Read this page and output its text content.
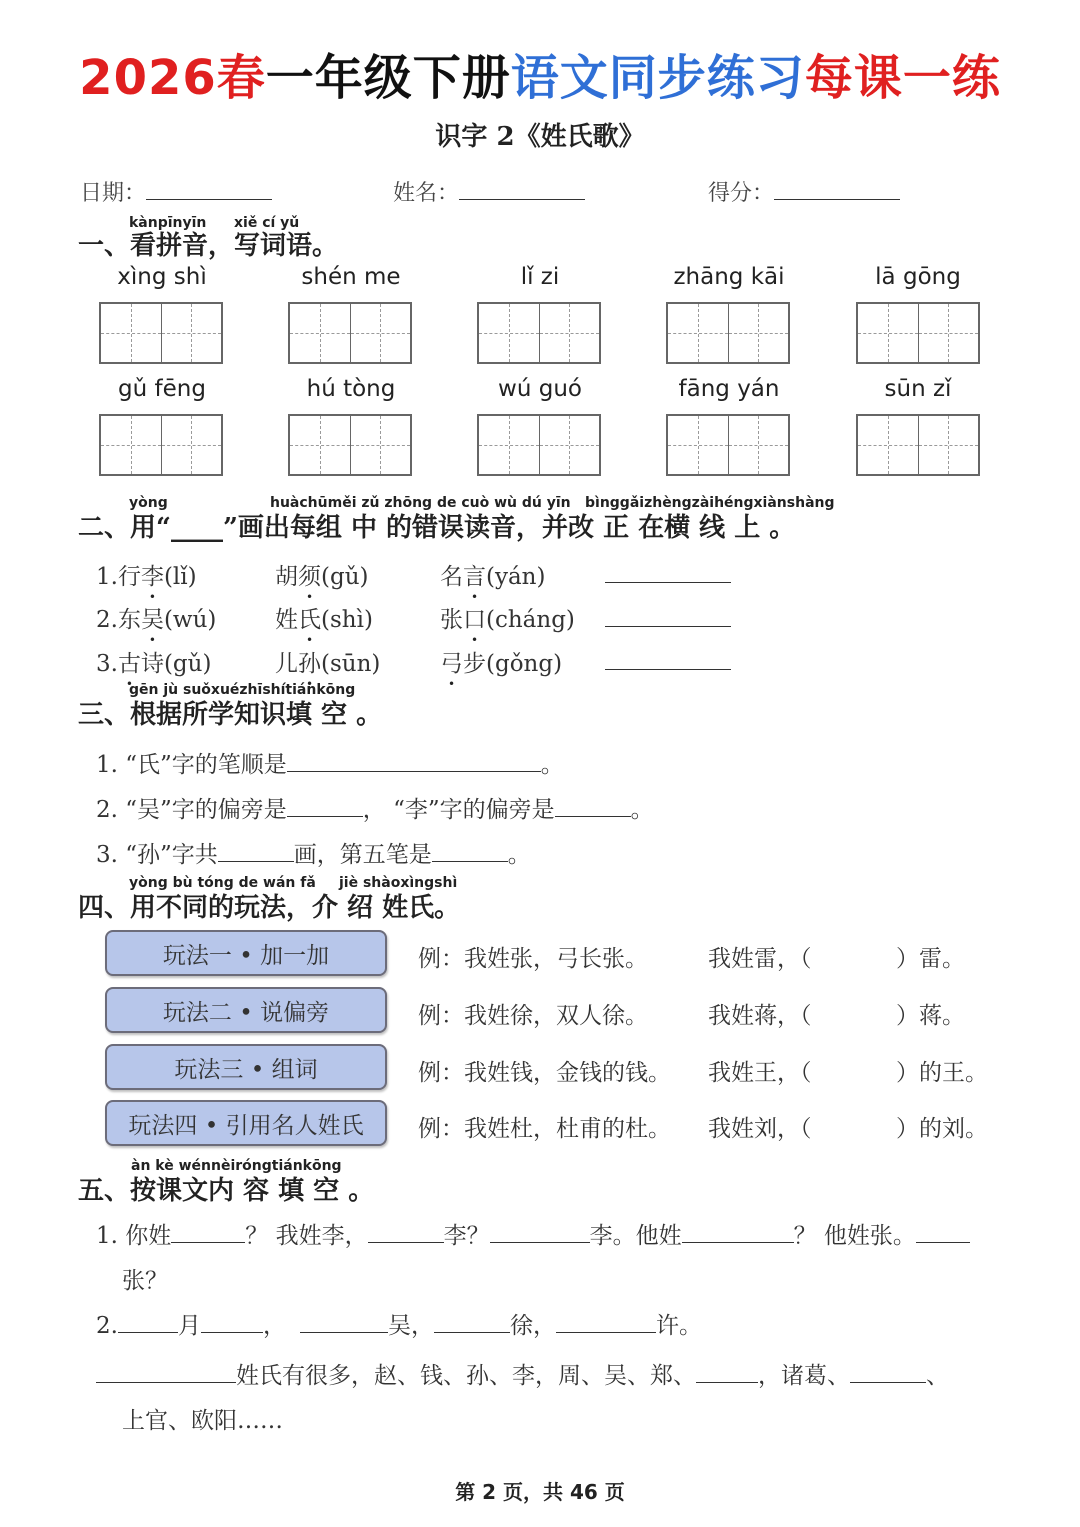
2026春一年级下册语文同步练习每课一练
识字 2《姓氏歌》
日期：	姓名：	得分：
kànpīnyīn xiě cí yǔ
一、看拼音，写词语。
xìng shì	shén me	lǐ zi	zhāng kāi	lā gōng
gǔ fēng	hú tòng	wú guó	fāng yán	sūn zǐ
yòng	huàchūměi zǔ zhōng de cuò wù dú yīn bìnggǎizhèngzàihéngxiànshàng
二、用“____”画出每组 中 的错误读音，并改 正 在横 线 上 。
1.行李(lǐ)	胡须(gǔ)	名言(yán)
2.东吴(wú)	姓氏(shì)	张口(cháng)
3.古诗(gǔ)	儿孙(sūn)	弓步(gǒng)
gēn jù suǒxuézhīshítiánkōng
三、根据所学知识填 空 。
1. “氏”字的笔顺是	。
2. “吴”字的偏旁是	， “李”字的偏旁是	。
3. “孙”字共	画，第五笔是	。
yòng bù tóng de wán fǎ jiè shàoxìngshì
四、用不同的玩法，介 绍 姓氏。
玩法一 • 加一加	例：我姓张，弓长张。	我姓雷，（	）雷。
玩法二 • 说偏旁	例：我姓徐，双人徐。	我姓蒋，（	）蒋。
玩法三 • 组词	例：我姓钱，金钱的钱。 我姓王，（	）的王。
玩法四 • 引用名人姓氏	例：我姓杜，杜甫的杜。 我姓刘，（	）的刘。
àn kè wénnèiróngtiánkōng
五、按课文内 容 填 空 。
1. 你姓	？ 我姓李，	李？	李。他姓	？ 他姓张。
张？
2.	月	，	吴，	徐，	许。
姓氏有很多，赵、钱、孙、李，周、吴、郑、	，诸葛、	、
上官、欧阳……
第 2 页，共 46 页
